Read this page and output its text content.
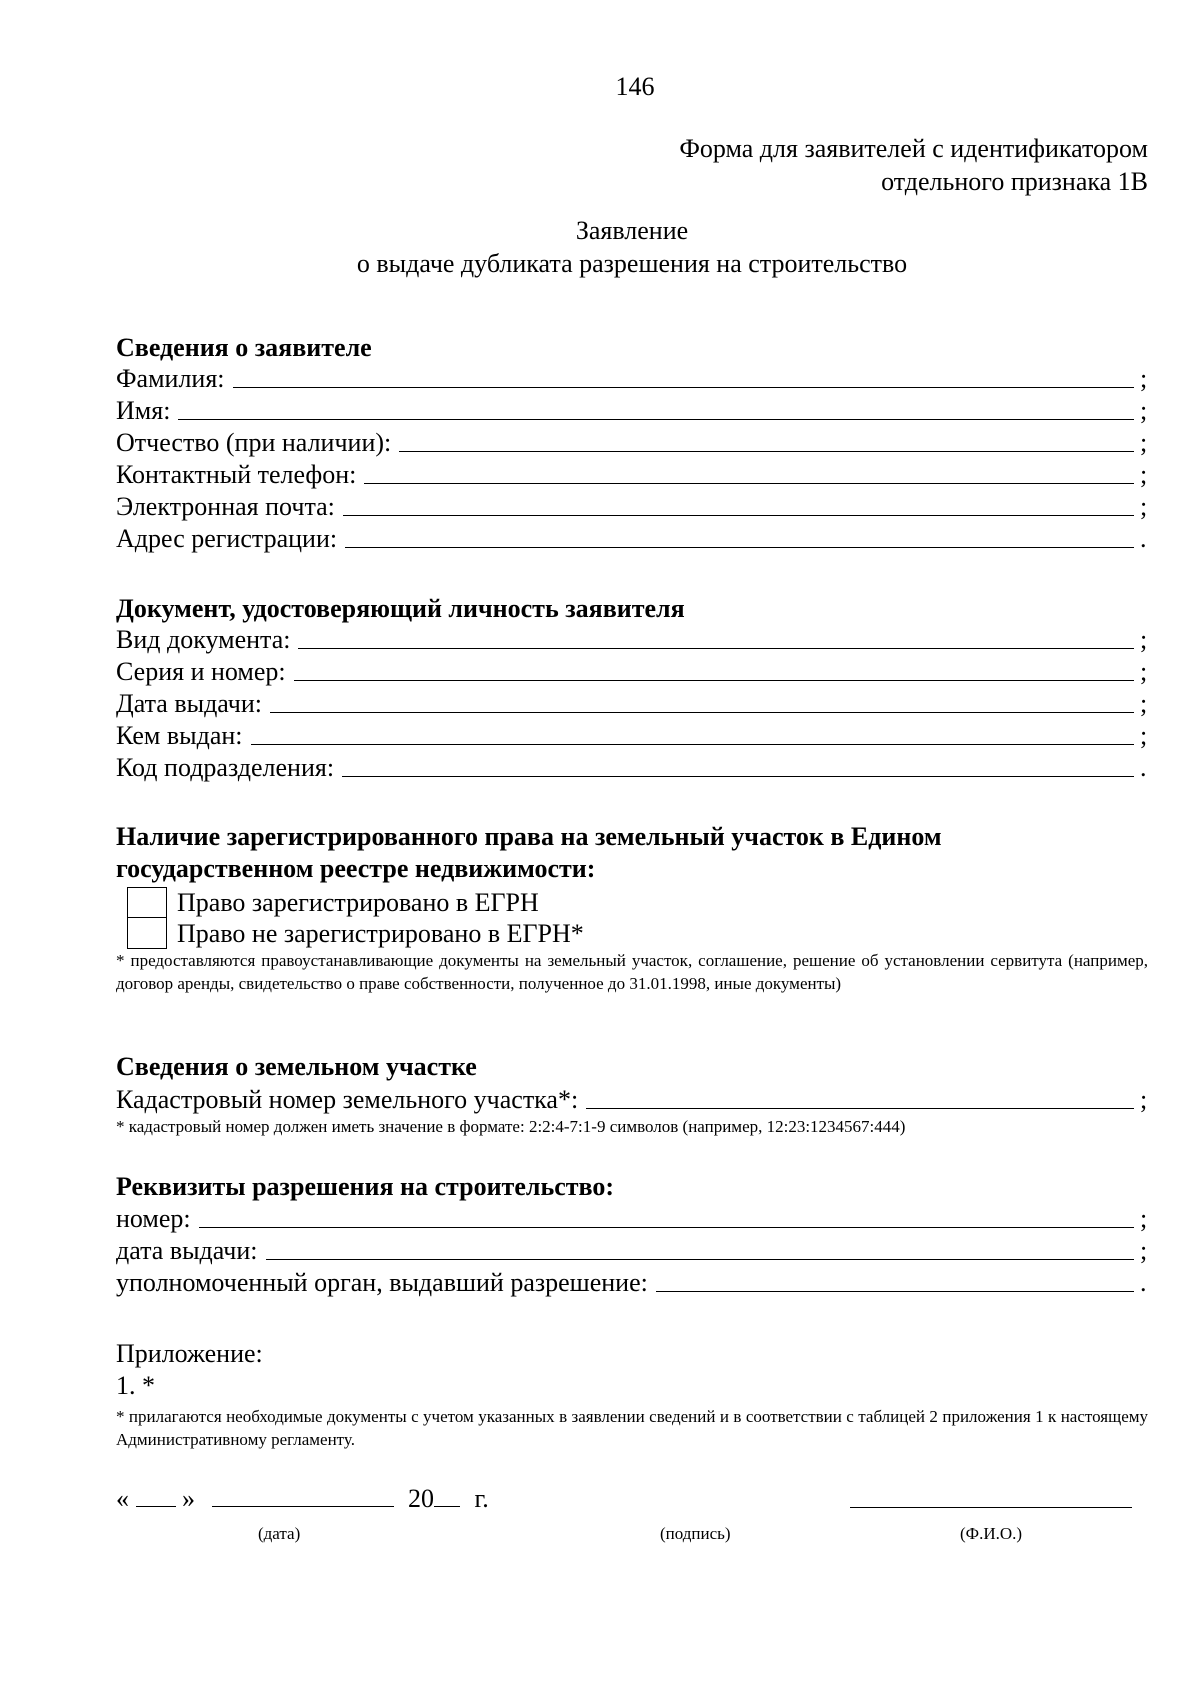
146
Форма для заявителей с идентификатором
отдельного признака 1В
Заявление
о выдаче дубликата разрешения на строительство
Сведения о заявителе
Фамилия:	;
Имя:	;
Отчество (при наличии):	;
Контактный телефон:	;
Электронная почта:	;
Адрес регистрации:	.
Документ, удостоверяющий личность заявителя
Вид документа:	;
Серия и номер:	;
Дата выдачи:	;
Кем выдан:	;
Код подразделения:	.
Наличие зарегистрированного права на земельный участок в Едином
государственном реестре недвижимости:
Право зарегистрировано в ЕГРН
Право не зарегистрировано в ЕГРН*
* предоставляются правоустанавливающие документы на земельный участок, соглашение, решение об установлении сервитута (например, договор аренды, свидетельство о праве собственности, полученное до 31.01.1998, иные документы)
Сведения о земельном участке
Кадастровый номер земельного участка*:	;
* кадастровый номер должен иметь значение в формате: 2:2:4-7:1-9 символов (например, 12:23:1234567:444)
Реквизиты разрешения на строительство:
номер:	;
дата выдачи:	;
уполномоченный орган, выдавший разрешение:	.
Приложение:
1. *
* прилагаются необходимые документы с учетом указанных в заявлении сведений и в соответствии с таблицей 2 приложения 1 к настоящему Административному регламенту.
« »	20 г.
(дата)	(подпись)	(Ф.И.О.)
